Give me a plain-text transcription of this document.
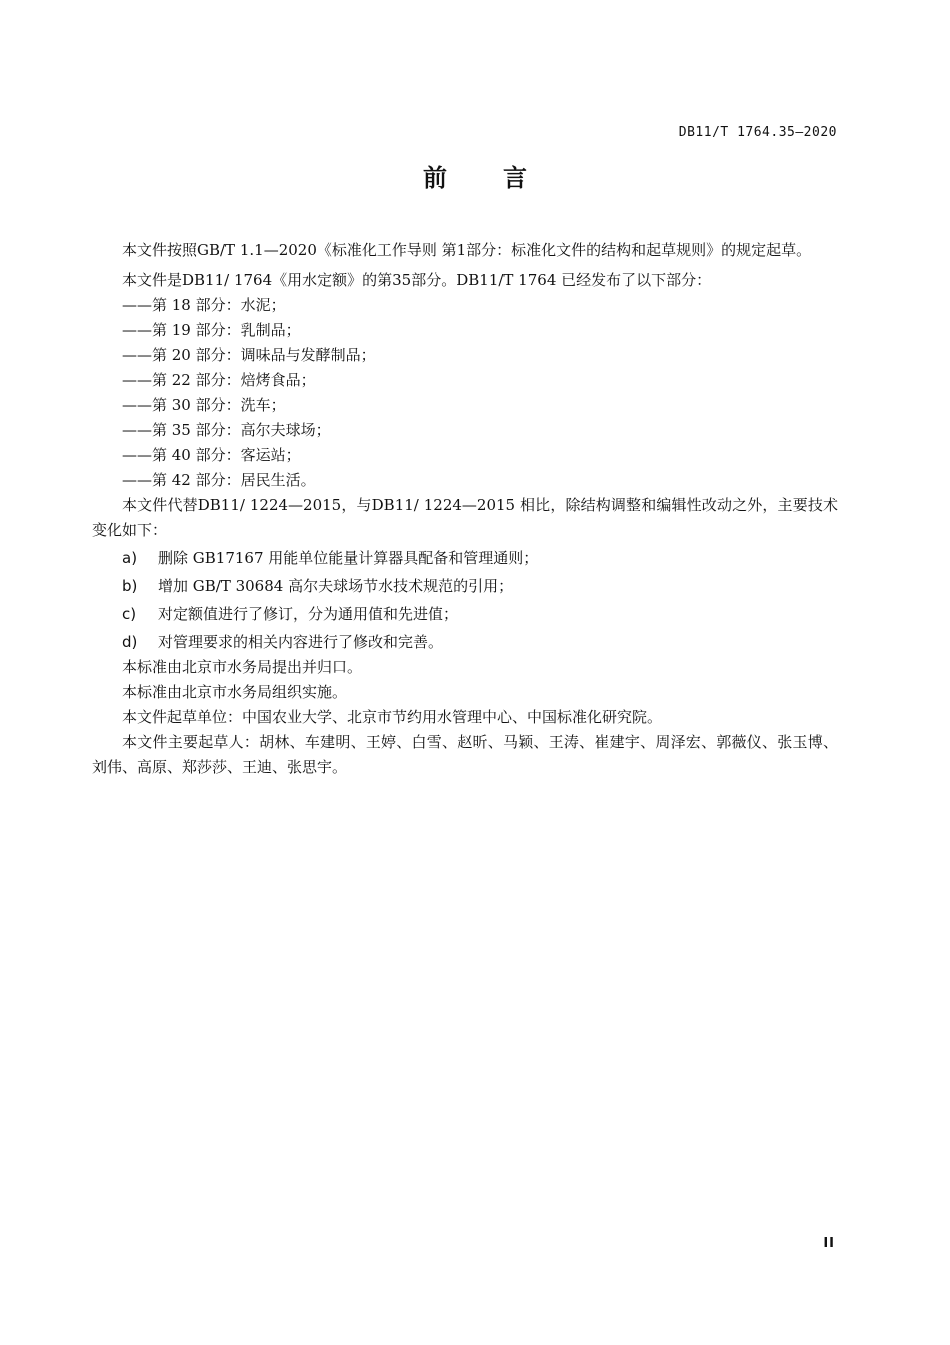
DB11/T 1764.35—2020
前言

本文件按照GB/T 1.1—2020《标准化工作导则 第1部分：标准化文件的结构和起草规则》的规定起草。

本文件是DB11/ 1764《用水定额》的第35部分。DB11/T 1764 已经发布了以下部分：

——第 18 部分：水泥；

——第 19 部分：乳制品；

——第 20 部分：调味品与发酵制品；

——第 22 部分：焙烤食品；

——第 30 部分：洗车；

——第 35 部分：高尔夫球场；

——第 40 部分：客运站；

——第 42 部分：居民生活。

本文件代替DB11/ 1224—2015，与DB11/ 1224—2015 相比，除结构调整和编辑性改动之外，主要技术变化如下：

a) 删除 GB17167 用能单位能量计算器具配备和管理通则；

b) 增加 GB/T 30684 高尔夫球场节水技术规范的引用；

c) 对定额值进行了修订，分为通用值和先进值；

d) 对管理要求的相关内容进行了修改和完善。

本标准由北京市水务局提出并归口。

本标准由北京市水务局组织实施。

本文件起草单位：中国农业大学、北京市节约用水管理中心、中国标准化研究院。

本文件主要起草人：胡林、车建明、王婷、白雪、赵昕、马颖、王涛、崔建宇、周泽宏、郭薇仪、张玉博、刘伟、高原、郑莎莎、王迪、张思宇。

II
